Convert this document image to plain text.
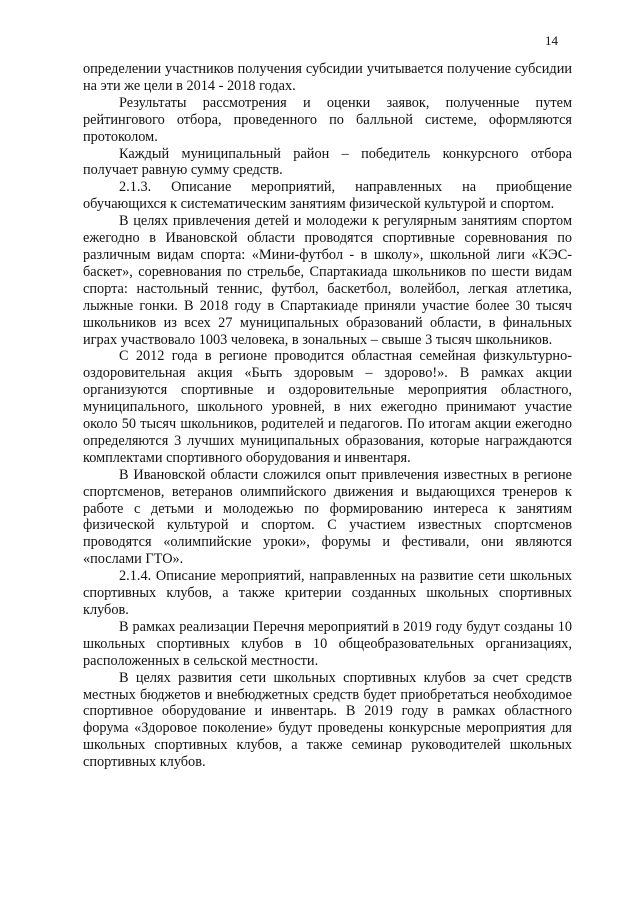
14

определении участников получения субсидии учитывается получение субсидии на эти же цели в 2014 - 2018 годах.

Результаты рассмотрения и оценки заявок, полученные путем рейтингового отбора, проведенного по балльной системе, оформляются протоколом.

Каждый муниципальный район – победитель конкурсного отбора получает равную сумму средств.

2.1.3. Описание мероприятий, направленных на приобщение обучающихся к систематическим занятиям физической культурой и спортом.

В целях привлечения детей и молодежи к регулярным занятиям спортом ежегодно в Ивановской области проводятся спортивные соревнования по различным видам спорта: «Мини-футбол - в школу», школьной лиги «КЭС-баскет», соревнования по стрельбе, Спартакиада школьников по шести видам спорта: настольный теннис, футбол, баскетбол, волейбол, легкая атлетика, лыжные гонки. В 2018 году в Спартакиаде приняли участие более 30 тысяч школьников из всех 27 муниципальных образований области, в финальных играх участвовало 1003 человека, в зональных – свыше 3 тысяч школьников.

С 2012 года в регионе проводится областная семейная физкультурно-оздоровительная акция «Быть здоровым – здорово!». В рамках акции организуются спортивные и оздоровительные мероприятия областного, муниципального, школьного уровней, в них ежегодно принимают участие около 50 тысяч школьников, родителей и педагогов. По итогам акции ежегодно определяются 3 лучших муниципальных образования, которые награждаются комплектами спортивного оборудования и инвентаря.

В Ивановской области сложился опыт привлечения известных в регионе спортсменов, ветеранов олимпийского движения и выдающихся тренеров к работе с детьми и молодежью по формированию интереса к занятиям физической культурой и спортом. С участием известных спортсменов проводятся «олимпийские уроки», форумы и фестивали, они являются «послами ГТО».

2.1.4. Описание мероприятий, направленных на развитие сети школьных спортивных клубов, а также критерии созданных школьных спортивных клубов.

В рамках реализации Перечня мероприятий в 2019 году будут созданы 10 школьных спортивных клубов в 10 общеобразовательных организациях, расположенных в сельской местности.

В целях развития сети школьных спортивных клубов за счет средств местных бюджетов и внебюджетных средств будет приобретаться необходимое спортивное оборудование и инвентарь. В 2019 году в рамках областного форума «Здоровое поколение» будут проведены конкурсные мероприятия для школьных спортивных клубов, а также семинар руководителей школьных спортивных клубов.
